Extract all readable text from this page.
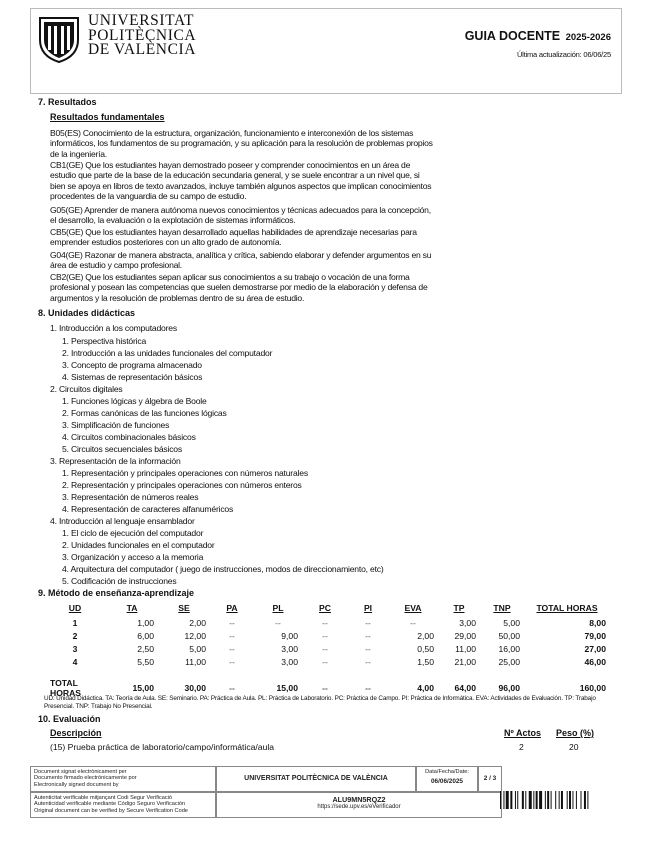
UNIVERSITAT
POLITÈCNICA
DE VALÈNCIA
GUIA DOCENTE 2025-2026
Última actualización: 06/06/25
7. Resultados
Resultados fundamentales
B05(ES) Conocimiento de la estructura, organización, funcionamiento e interconexión de los sistemas informáticos, los fundamentos de su programación, y su aplicación para la resolución de problemas propios de la ingeniería.
CB1(GE) Que los estudiantes hayan demostrado poseer y comprender conocimientos en un área de estudio que parte de la base de la educación secundaria general, y se suele encontrar a un nivel que, si bien se apoya en libros de texto avanzados, incluye también algunos aspectos que implican conocimientos procedentes de la vanguardia de su campo de estudio.
G05(GE) Aprender de manera autónoma nuevos conocimientos y técnicas adecuados para la concepción, el desarrollo, la evaluación o la explotación de sistemas informáticos.
CB5(GE) Que los estudiantes hayan desarrollado aquellas habilidades de aprendizaje necesarias para emprender estudios posteriores con un alto grado de autonomía.
G04(GE) Razonar de manera abstracta, analítica y crítica, sabiendo elaborar y defender argumentos en su área de estudio y campo profesional.
CB2(GE) Que los estudiantes sepan aplicar sus conocimientos a su trabajo o vocación de una forma profesional y posean las competencias que suelen demostrarse por medio de la elaboración y defensa de argumentos y la resolución de problemas dentro de su área de estudio.
8. Unidades didácticas
1. Introducción a los computadores
1. Perspectiva histórica
2. Introducción a las unidades funcionales del computador
3. Concepto de programa almacenado
4. Sistemas de representación básicos
2. Circuitos digitales
1. Funciones lógicas y álgebra de Boole
2. Formas canónicas de las funciones lógicas
3. Simplificación de funciones
4. Circuitos combinacionales básicos
5. Circuitos secuenciales básicos
3. Representación de la información
1. Representación y principales operaciones con números naturales
2. Representación y principales operaciones con números enteros
3. Representación de números reales
4. Representación de caracteres alfanuméricos
4. Introducción al lenguaje ensamblador
1. El ciclo de ejecución del computador
2. Unidades funcionales en el computador
3. Organización y acceso a la memoria
4. Arquitectura del computador ( juego de instrucciones, modos de direccionamiento, etc)
5. Codificación de instrucciones
9. Método de enseñanza-aprendizaje
UD	TA	SE	PA	PL	PC	PI	EVA	TP	TNP	TOTAL HORAS
1	1,00	2,00	--	--	--	--	--	3,00	5,00	8,00
2	6,00	12,00	--	9,00	--	--	2,00	29,00	50,00	79,00
3	2,50	5,00	--	3,00	--	--	0,50	11,00	16,00	27,00
4	5,50	11,00	--	3,00	--	--	1,50	21,00	25,00	46,00

TOTAL HORAS	15,00	30,00	--	15,00	--	--	4,00	64,00	96,00	160,00
UD: Unidad Didáctica. TA: Teoría de Aula. SE: Seminario. PA: Práctica de Aula. PL: Práctica de Laboratorio. PC: Práctica de Campo. PI: Práctica de Informática. EVA: Actividades de Evaluación. TP: Trabajo Presencial. TNP: Trabajo No Presencial.
10. Evaluación
Descripción	Nº Actos Peso (%)
(15) Prueba práctica de laboratorio/campo/informática/aula	2	20
Document signat electrònicament per
Documento firmado electrónicamente por
Electronically signed document by
UNIVERSITAT POLITÈCNICA DE VALÈNCIA
Data/Fecha/Date:
06/06/2025
2 / 3
Autenticitat verificable mitjançant Codi Segur Verificació
Autenticidad verificable mediante Código Seguro Verificación
Original document can be verified by Secure Verification Code
ALU9MN5RQZ2
https://sede.upv.es/eVerificador
